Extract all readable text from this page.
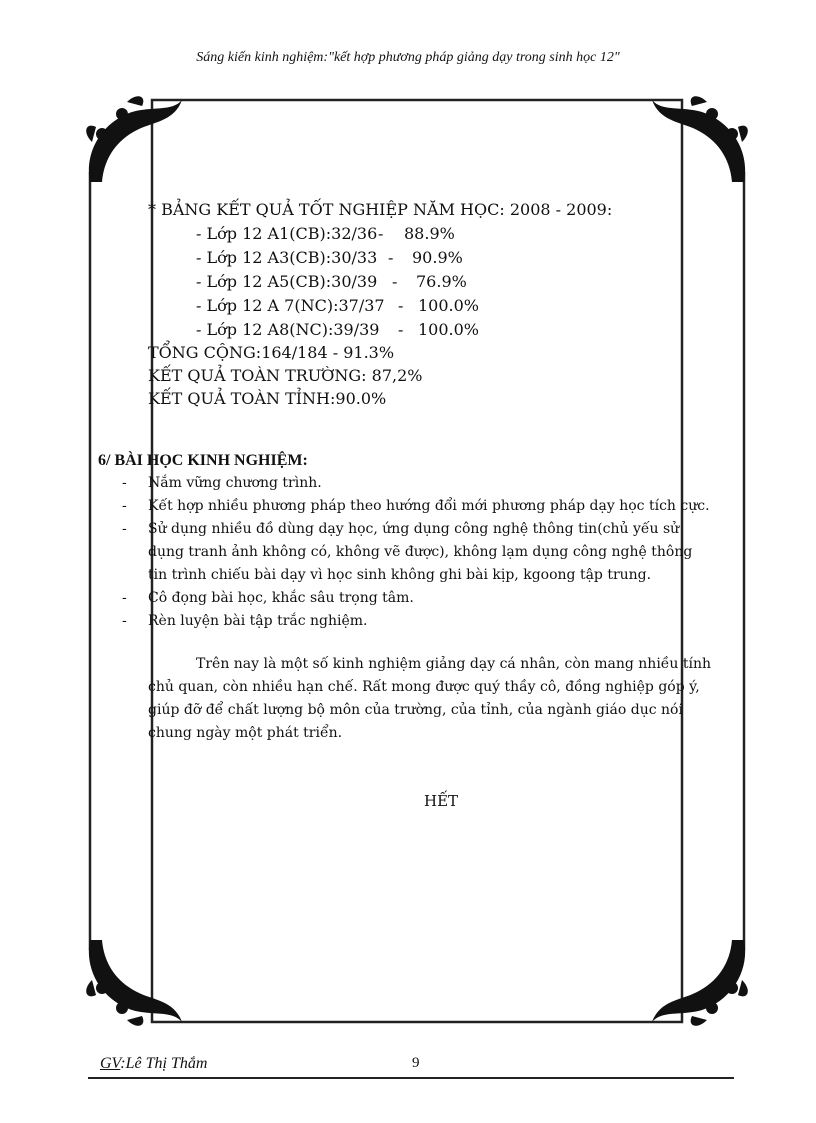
Sáng kiến kinh nghiệm:"kết hợp phương pháp giảng dạy trong sinh học 12"
* BẢNG KẾT QUẢ TỐT NGHIỆP NĂM HỌC: 2008 - 2009:
- Lớp 12 A1(CB):32/36 - 88.9%
- Lớp 12 A3(CB):30/33 - 90.9%
- Lớp 12 A5(CB):30/39 - 76.9%
- Lớp 12 A 7(NC):37/37 - 100.0%
- Lớp 12 A8(NC):39/39 - 100.0%
TỔNG CỘNG:164/184 - 91.3%
KẾT QUẢ TOÀN TRƯỜNG: 87,2%
KẾT QUẢ TOÀN TỈNH:90.0%
6/ BÀI HỌC KINH NGHIỆM:
- Nắm vững chương trình.
- Kết hợp nhiều phương pháp theo hướng đổi mới phương pháp dạy học tích cực.
- Sử dụng nhiều đồ dùng dạy học, ứng dụng công nghệ thông tin(chủ yếu sử
dụng tranh ảnh không có, không vẽ được), không lạm dụng công nghệ thông
tin trình chiếu bài dạy vì học sinh không ghi bài kịp, kgoong tập trung.
- Cô đọng bài học, khắc sâu trọng tâm.
- Rèn luyện bài tập trắc nghiệm.
Trên nay là một số kinh nghiệm giảng dạy cá nhân, còn mang nhiều tính
chủ quan, còn nhiều hạn chế. Rất mong được quý thầy cô, đồng nghiệp góp ý,
giúp đỡ để chất lượng bộ môn của trường, của tỉnh, của ngành giáo dục nói
chung ngày một phát triển.
HẾT
GV:Lê Thị Thắm	9
